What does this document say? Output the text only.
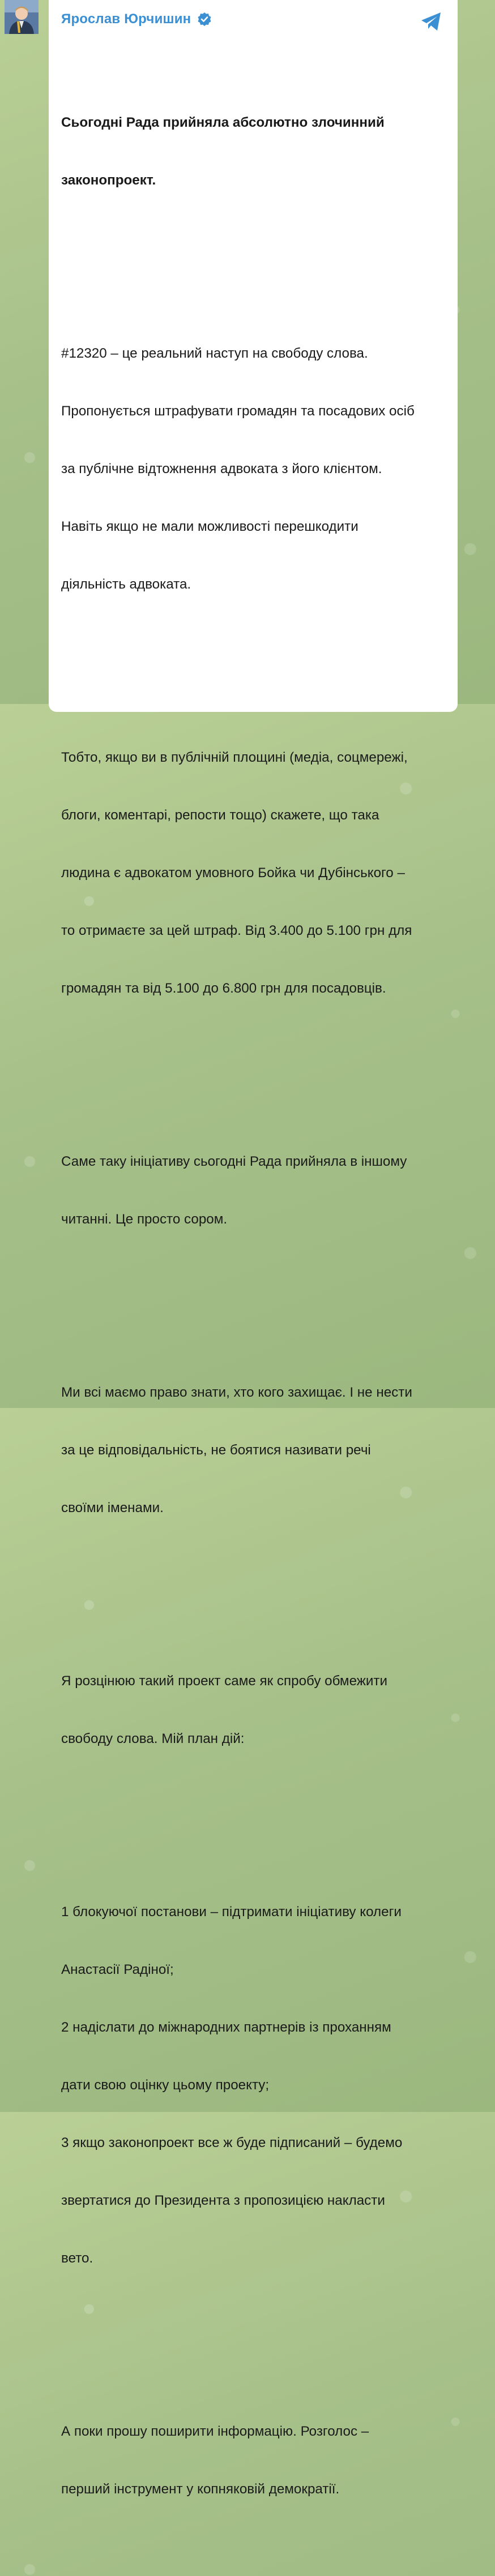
Ярослав Юрчишин

Сьогодні Рада прийняла абсолютно злочинний

законопроект.

#12320 – це реальний наступ на свободу слова.

Пропонується штрафувати громадян та посадових осіб

за публічне відтожнення адвоката з його клієнтом.

Навіть якщо не мали можливості перешкодити

діяльність адвоката.

Тобто, якщо ви в публічній площині (медіа, соцмережі,

блоги, коментарі, репости тощо) скажете, що така

людина є адвокатом умовного Бойка чи Дубінського –

то отримаєте за цей штраф. Від 3.400 до 5.100 грн для

громадян та від 5.100 до 6.800 грн для посадовців.

Саме таку ініціативу сьогодні Рада прийняла в іншому

читанні. Це просто сором.

Ми всі маємо право знати, хто кого захищає. І не нести

за це відповідальність, не боятися називати речі

своїми іменами.

Я розцінюю такий проект саме як спробу обмежити

свободу слова. Мій план дій:

1 блокуючої постанови – підтримати ініціативу колеги

Анастасії Радіної;

2 надіслати до міжнародних партнерів із проханням

дати свою оцінку цьому проекту;

3 якщо законопроект все ж буде підписаний – будемо

звертатися до Президента з пропозицією накласти

вето.

А поки прошу поширити інформацію. Розголос –

перший інструмент у копняковій демократії.
